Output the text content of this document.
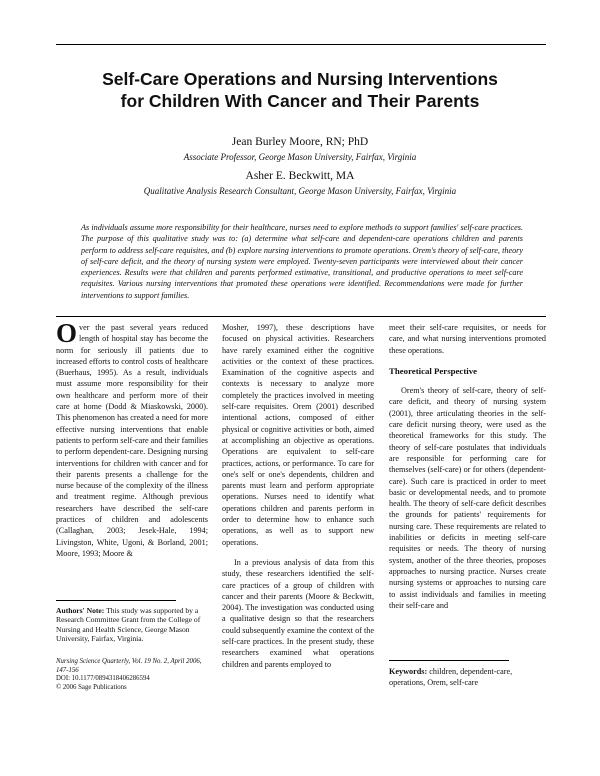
Self-Care Operations and Nursing Interventions
for Children With Cancer and Their Parents
Jean Burley Moore, RN; PhD
Associate Professor, George Mason University, Fairfax, Virginia
Asher E. Beckwitt, MA
Qualitative Analysis Research Consultant, George Mason University, Fairfax, Virginia

As individuals assume more responsibility for their healthcare, nurses need to explore methods to support families' self-care practices. The purpose of this qualitative study was to: (a) determine what self-care and dependent-care operations children and parents perform to address self-care requisites, and (b) explore nursing interventions to promote operations. Orem's theory of self-care, theory of self-care deficit, and the theory of nursing system were employed. Twenty-seven participants were interviewed about their cancer experiences. Results were that children and parents performed estimative, transitional, and productive operations to meet self-care requisites. Various nursing interventions that promoted these operations were identified. Recommendations were made for further interventions to support families.

Over the past several years reduced length of hospital stay has become the norm for seriously ill patients due to increased efforts to control costs of healthcare (Buerhaus, 1995). As a result, individuals must assume more responsibility for their own healthcare and perform more of their care at home (Dodd & Miaskowski, 2000). This phenomenon has created a need for more effective nursing interventions that enable patients to perform self-care and their families to perform dependent-care. Designing nursing interventions for children with cancer and for their parents presents a challenge for the nurse because of the complexity of the illness and treatment regime. Although previous researchers have described the self-care practices of children and adolescents (Callaghan, 2003; Jesek-Hale, 1994; Livingston, White, Ugoni, & Borland, 2001; Moore, 1993; Moore &

Mosher, 1997), these descriptions have focused on physical activities. Researchers have rarely examined either the cognitive activities or the context of these practices. Examination of the cognitive aspects and contexts is necessary to analyze more completely the practices involved in meeting self-care requisites. Orem (2001) described intentional actions, composed of either physical or cognitive activities or both, aimed at accomplishing an objective as operations. Operations are equivalent to self-care practices, actions, or performance. To care for one's self or one's dependents, children and parents must learn and perform appropriate operations. Nurses need to identify what operations children and parents perform in order to determine how to enhance such operations, as well as to support new operations.

In a previous analysis of data from this study, these researchers identified the self-care practices of a group of children with cancer and their parents (Moore & Beckwitt, 2004). The investigation was conducted using a qualitative design so that the researchers could subsequently examine the context of the self-care practices. In the present study, these researchers examined what operations children and parents employed to

meet their self-care requisites, or needs for care, and what nursing interventions promoted these operations.

Theoretical Perspective

Orem's theory of self-care, theory of self-care deficit, and theory of nursing system (2001), three articulating theories in the self-care deficit nursing theory, were used as the theoretical frameworks for this study. The theory of self-care postulates that individuals are responsible for performing care for themselves (self-care) or for others (dependent-care). Such care is practiced in order to meet basic or developmental needs, and to promote health. The theory of self-care deficit describes the grounds for patients' requirements for nursing care. These requirements are related to inabilities or deficits in meeting self-care requisites or needs. The theory of nursing system, another of the three theories, proposes approaches to nursing practice. Nurses create nursing systems or approaches to nursing care to assist individuals and families in meeting their self-care and

Authors' Note: This study was supported by a Research Committee Grant from the College of Nursing and Health Science, George Mason University, Fairfax, Virginia.
Nursing Science Quarterly, Vol. 19 No. 2, April 2006, 147-156
DOI: 10.1177/0894318406286594
© 2006 Sage Publications
Keywords: children, dependent-care, operations, Orem, self-care
